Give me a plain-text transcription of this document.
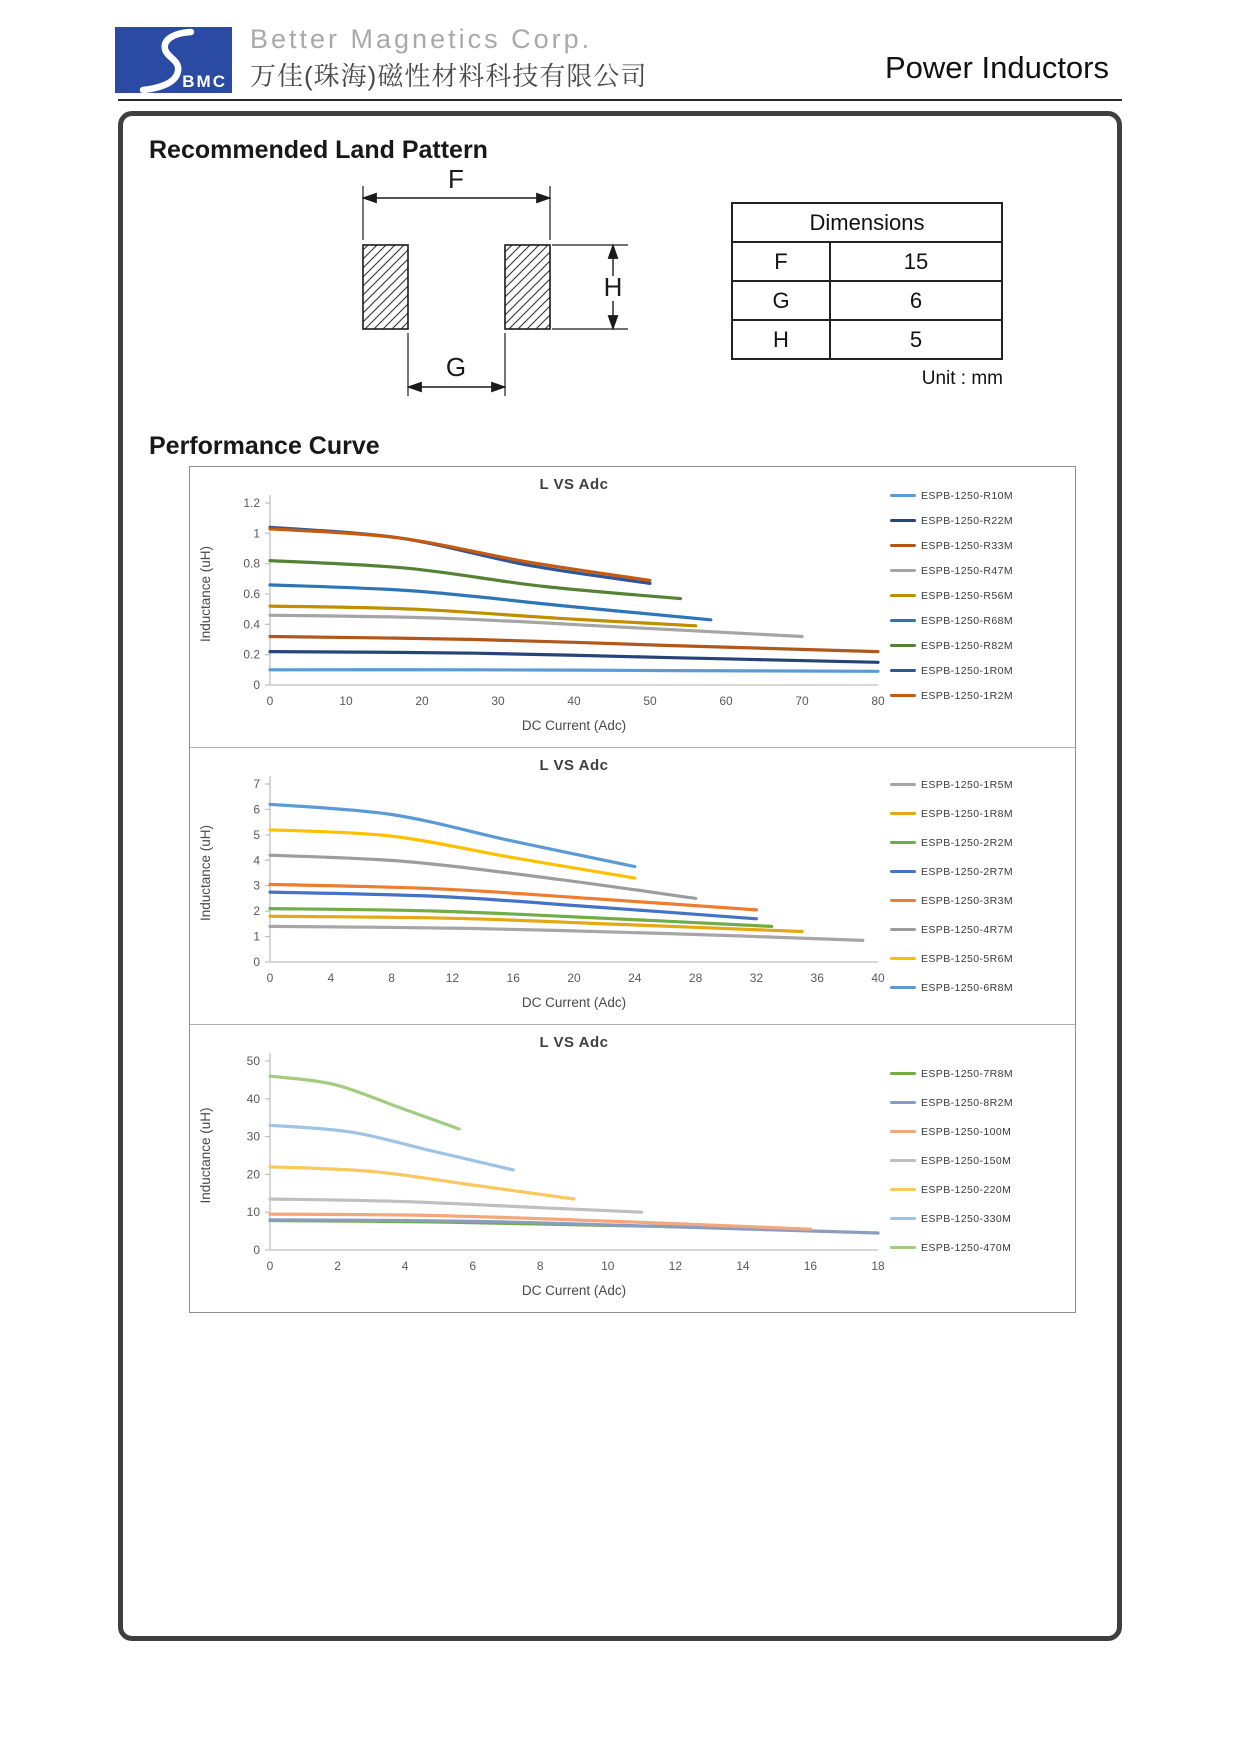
BMC
Better Magnetics Corp.
万佳(珠海)磁性材料科技有限公司	Power Inductors
Recommended Land Pattern
F
H
G
Dimensions	
F	15
G	6
H	5
Unit : mm
Performance Curve
0
0.2
0.4
0.6
0.8
1
1.2
0	10	20	30	40	50	60	70	80
L VS Adc
DC Current (Adc)
Inductance (uH)
ESPB-1250-R10M
ESPB-1250-R22M
ESPB-1250-R33M
ESPB-1250-R47M
ESPB-1250-R56M
ESPB-1250-R68M
ESPB-1250-R82M
ESPB-1250-1R0M
ESPB-1250-1R2M
0
1
2
3
4
5
6
7
0	4	8	12	16	20	24	28	32	36	40
L VS Adc
DC Current (Adc)
Inductance (uH)
ESPB-1250-1R5M
ESPB-1250-1R8M
ESPB-1250-2R2M
ESPB-1250-2R7M
ESPB-1250-3R3M
ESPB-1250-4R7M
ESPB-1250-5R6M
ESPB-1250-6R8M
0
10
20
30
40
50
0	2	4	6	8	10	12	14	16	18
L VS Adc
DC Current (Adc)
Inductance (uH)
ESPB-1250-7R8M
ESPB-1250-8R2M
ESPB-1250-100M
ESPB-1250-150M
ESPB-1250-220M
ESPB-1250-330M
ESPB-1250-470M
